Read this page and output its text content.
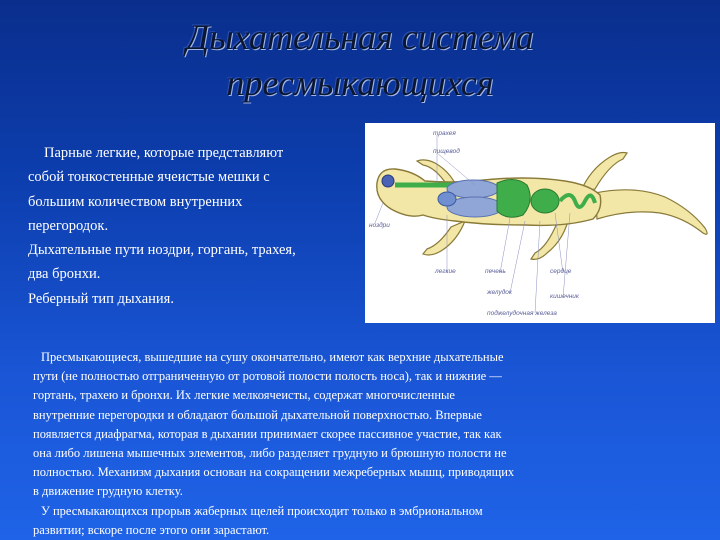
Дыхательная система
пресмыкающихся
Парные легкие, которые представляют
собой тонкостенные ячеистые мешки с
большим количеством внутренних
перегородок.
Дыхательные пути ноздри, горгань, трахея,
два бронхи.
Реберный тип дыхания.
трахея
пищевод
ноздри
легкие	печень	сердце
желудок
кишечник
поджелудочная железа
Пресмыкающиеся, вышедшие на сушу окончательно, имеют как верхние дыхательные
пути (не полностью отграниченную от ротовой полости полость носа), так и нижние —
гортань, трахею и бронхи. Их легкие мелкоячеисты, содержат многочисленные
внутренние перегородки и обладают большой дыхательной поверхностью. Впервые
появляется диафрагма, которая в дыхании принимает скорее пассивное участие, так как
она либо лишена мышечных элементов, либо разделяет грудную и брюшную полости не
полностью. Механизм дыхания основан на сокращении межреберных мышц, приводящих
в движение грудную клетку.
У пресмыкающихся прорыв жаберных щелей происходит только в эмбриональном
развитии; вскоре после этого они зарастают.
